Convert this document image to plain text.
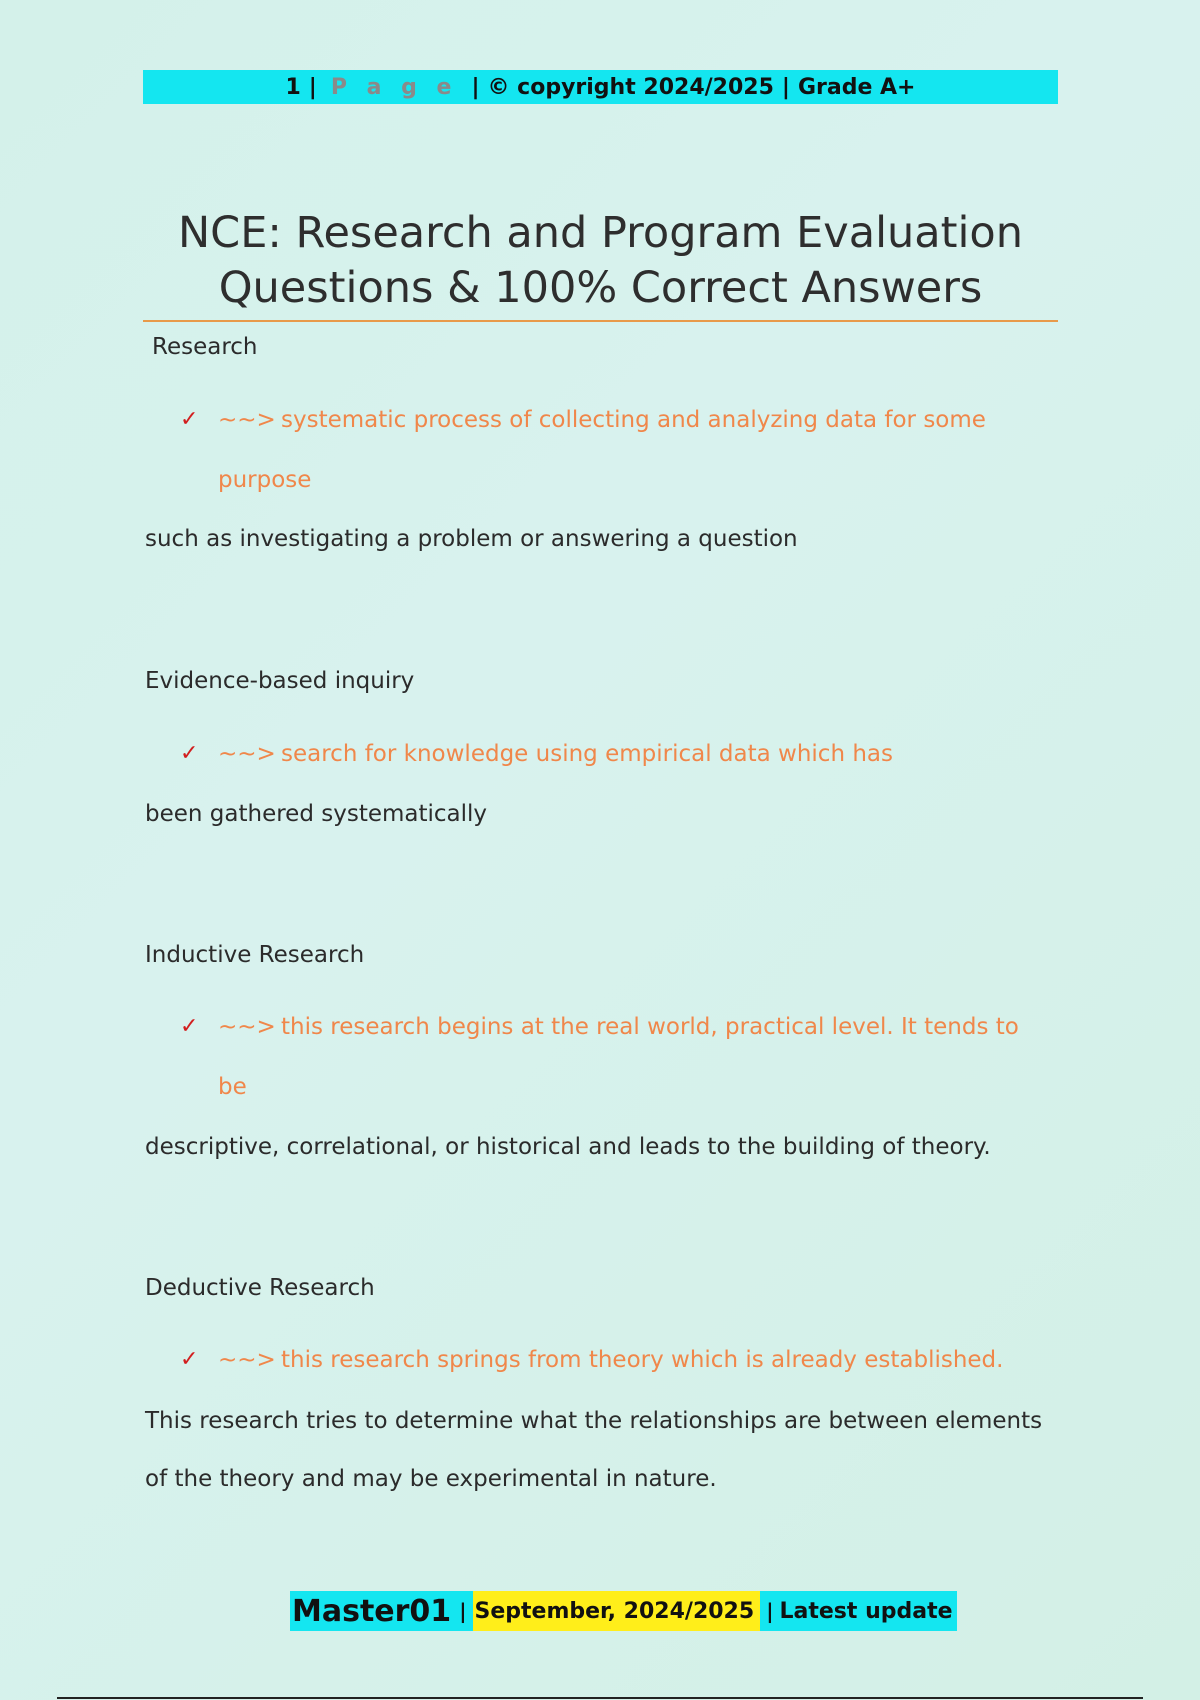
1 | P a g e | © copyright 2024/2025 | Grade A+
NCE: Research and Program Evaluation
Questions & 100% Correct Answers
Research
✓ ~~> systematic process of collecting and analyzing data for some purpose
such as investigating a problem or answering a question
Evidence-based inquiry
✓ ~~> search for knowledge using empirical data which has
been gathered systematically
Inductive Research
✓ ~~> this research begins at the real world, practical level. It tends to be
descriptive, correlational, or historical and leads to the building of theory.
Deductive Research
✓ ~~> this research springs from theory which is already established.
This research tries to determine what the relationships are between elements
of the theory and may be experimental in nature.
Master01 | September, 2024/2025 | Latest update
